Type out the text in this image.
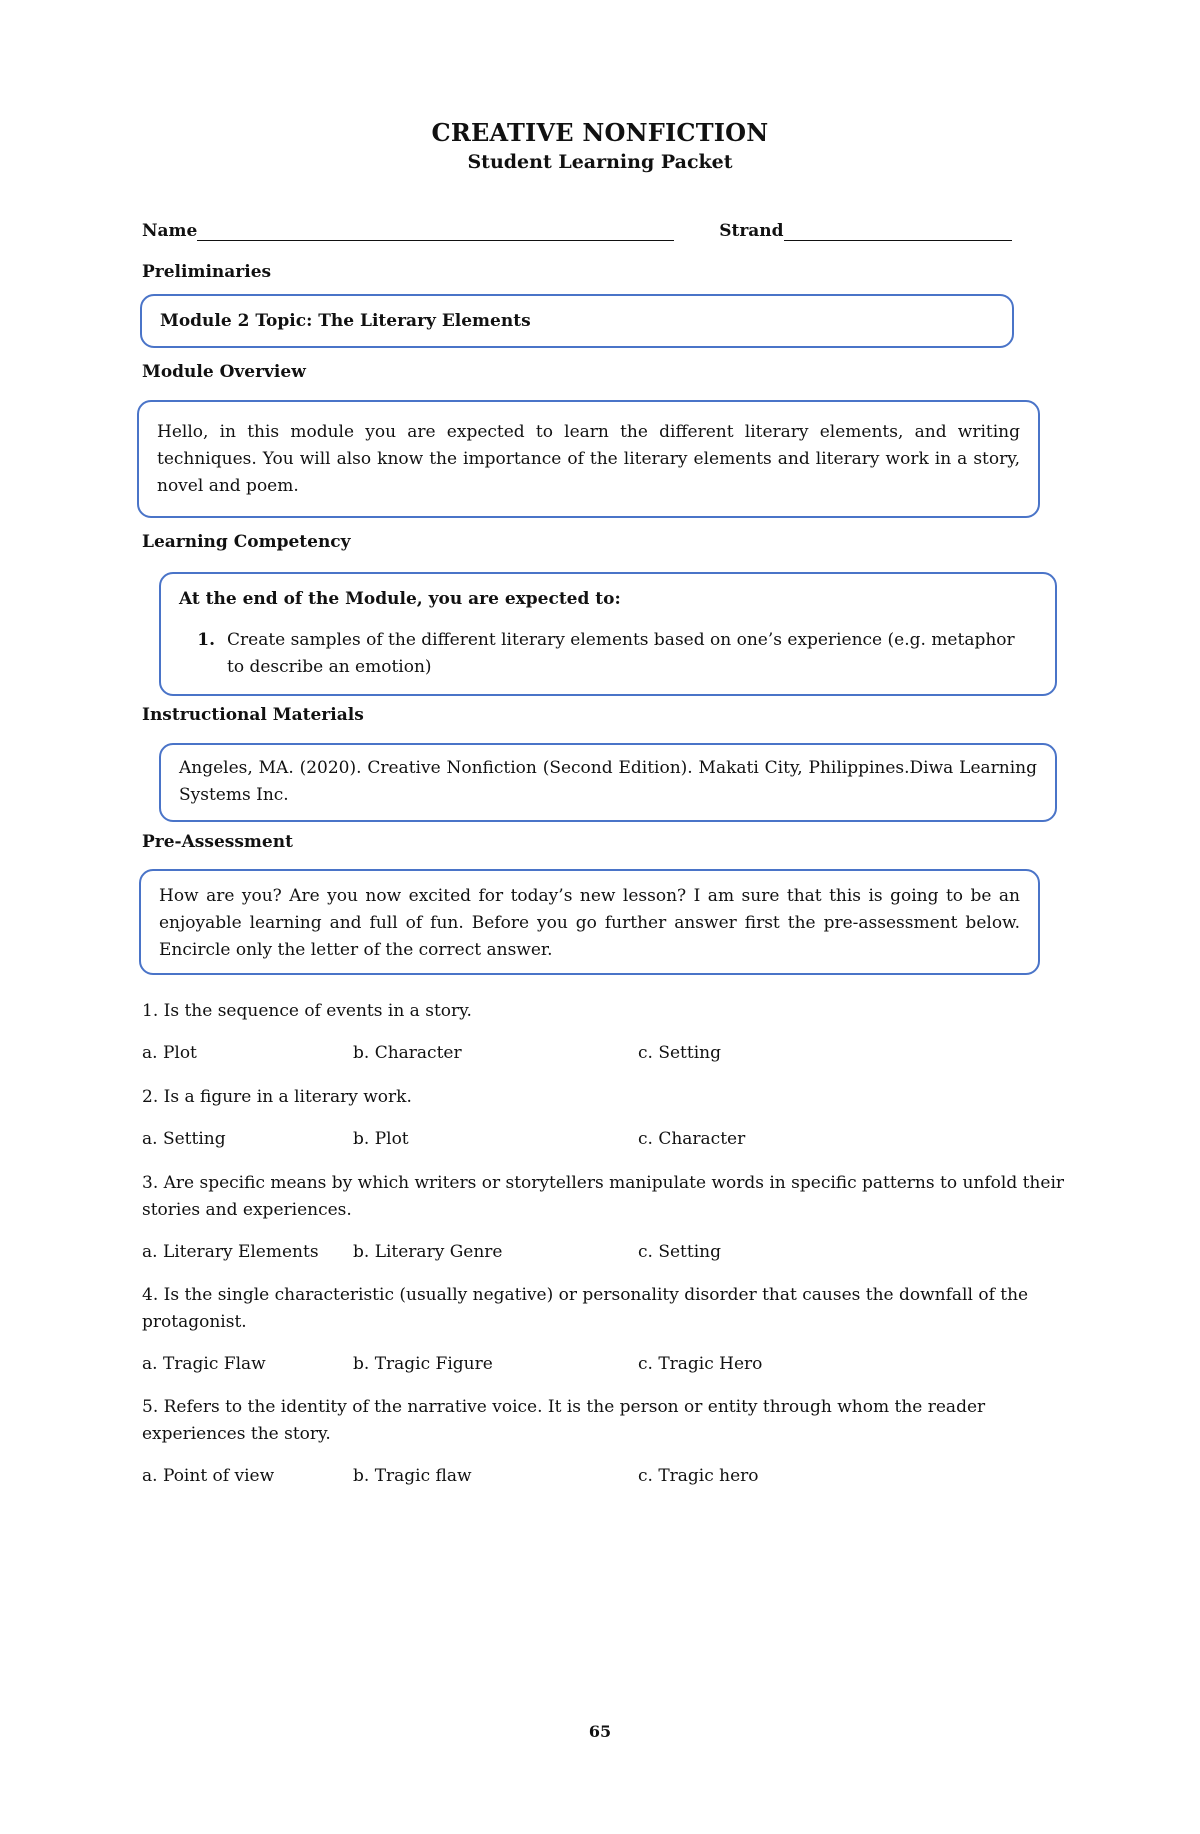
CREATIVE NONFICTION
Student Learning Packet
Name	Strand
Preliminaries
Module 2 Topic: The Literary Elements
Module Overview
Hello, in this module you are expected to learn the different literary elements, and writing techniques. You will also know the importance of the literary elements and literary work in a story, novel and poem.
Learning Competency
At the end of the Module, you are expected to:
1. Create samples of the different literary elements based on one’s experience (e.g. metaphor to describe an emotion)
Instructional Materials
Angeles, MA. (2020). Creative Nonfiction (Second Edition). Makati City, Philippines.Diwa Learning Systems Inc.
Pre-Assessment
How are you? Are you now excited for today’s new lesson? I am sure that this is going to be an enjoyable learning and full of fun. Before you go further answer first the pre-assessment below. Encircle only the letter of the correct answer.
1. Is the sequence of events in a story.
a. Plot	b. Character	c. Setting
2. Is a figure in a literary work.
a. Setting	b. Plot	c. Character
3. Are specific means by which writers or storytellers manipulate words in specific patterns to unfold their stories and experiences.
a. Literary Elements b. Literary Genre	c. Setting
4. Is the single characteristic (usually negative) or personality disorder that causes the downfall of the protagonist.
a. Tragic Flaw	b. Tragic Figure	c. Tragic Hero
5. Refers to the identity of the narrative voice. It is the person or entity through whom the reader experiences the story.
a. Point of view	b. Tragic flaw	c. Tragic hero
65
